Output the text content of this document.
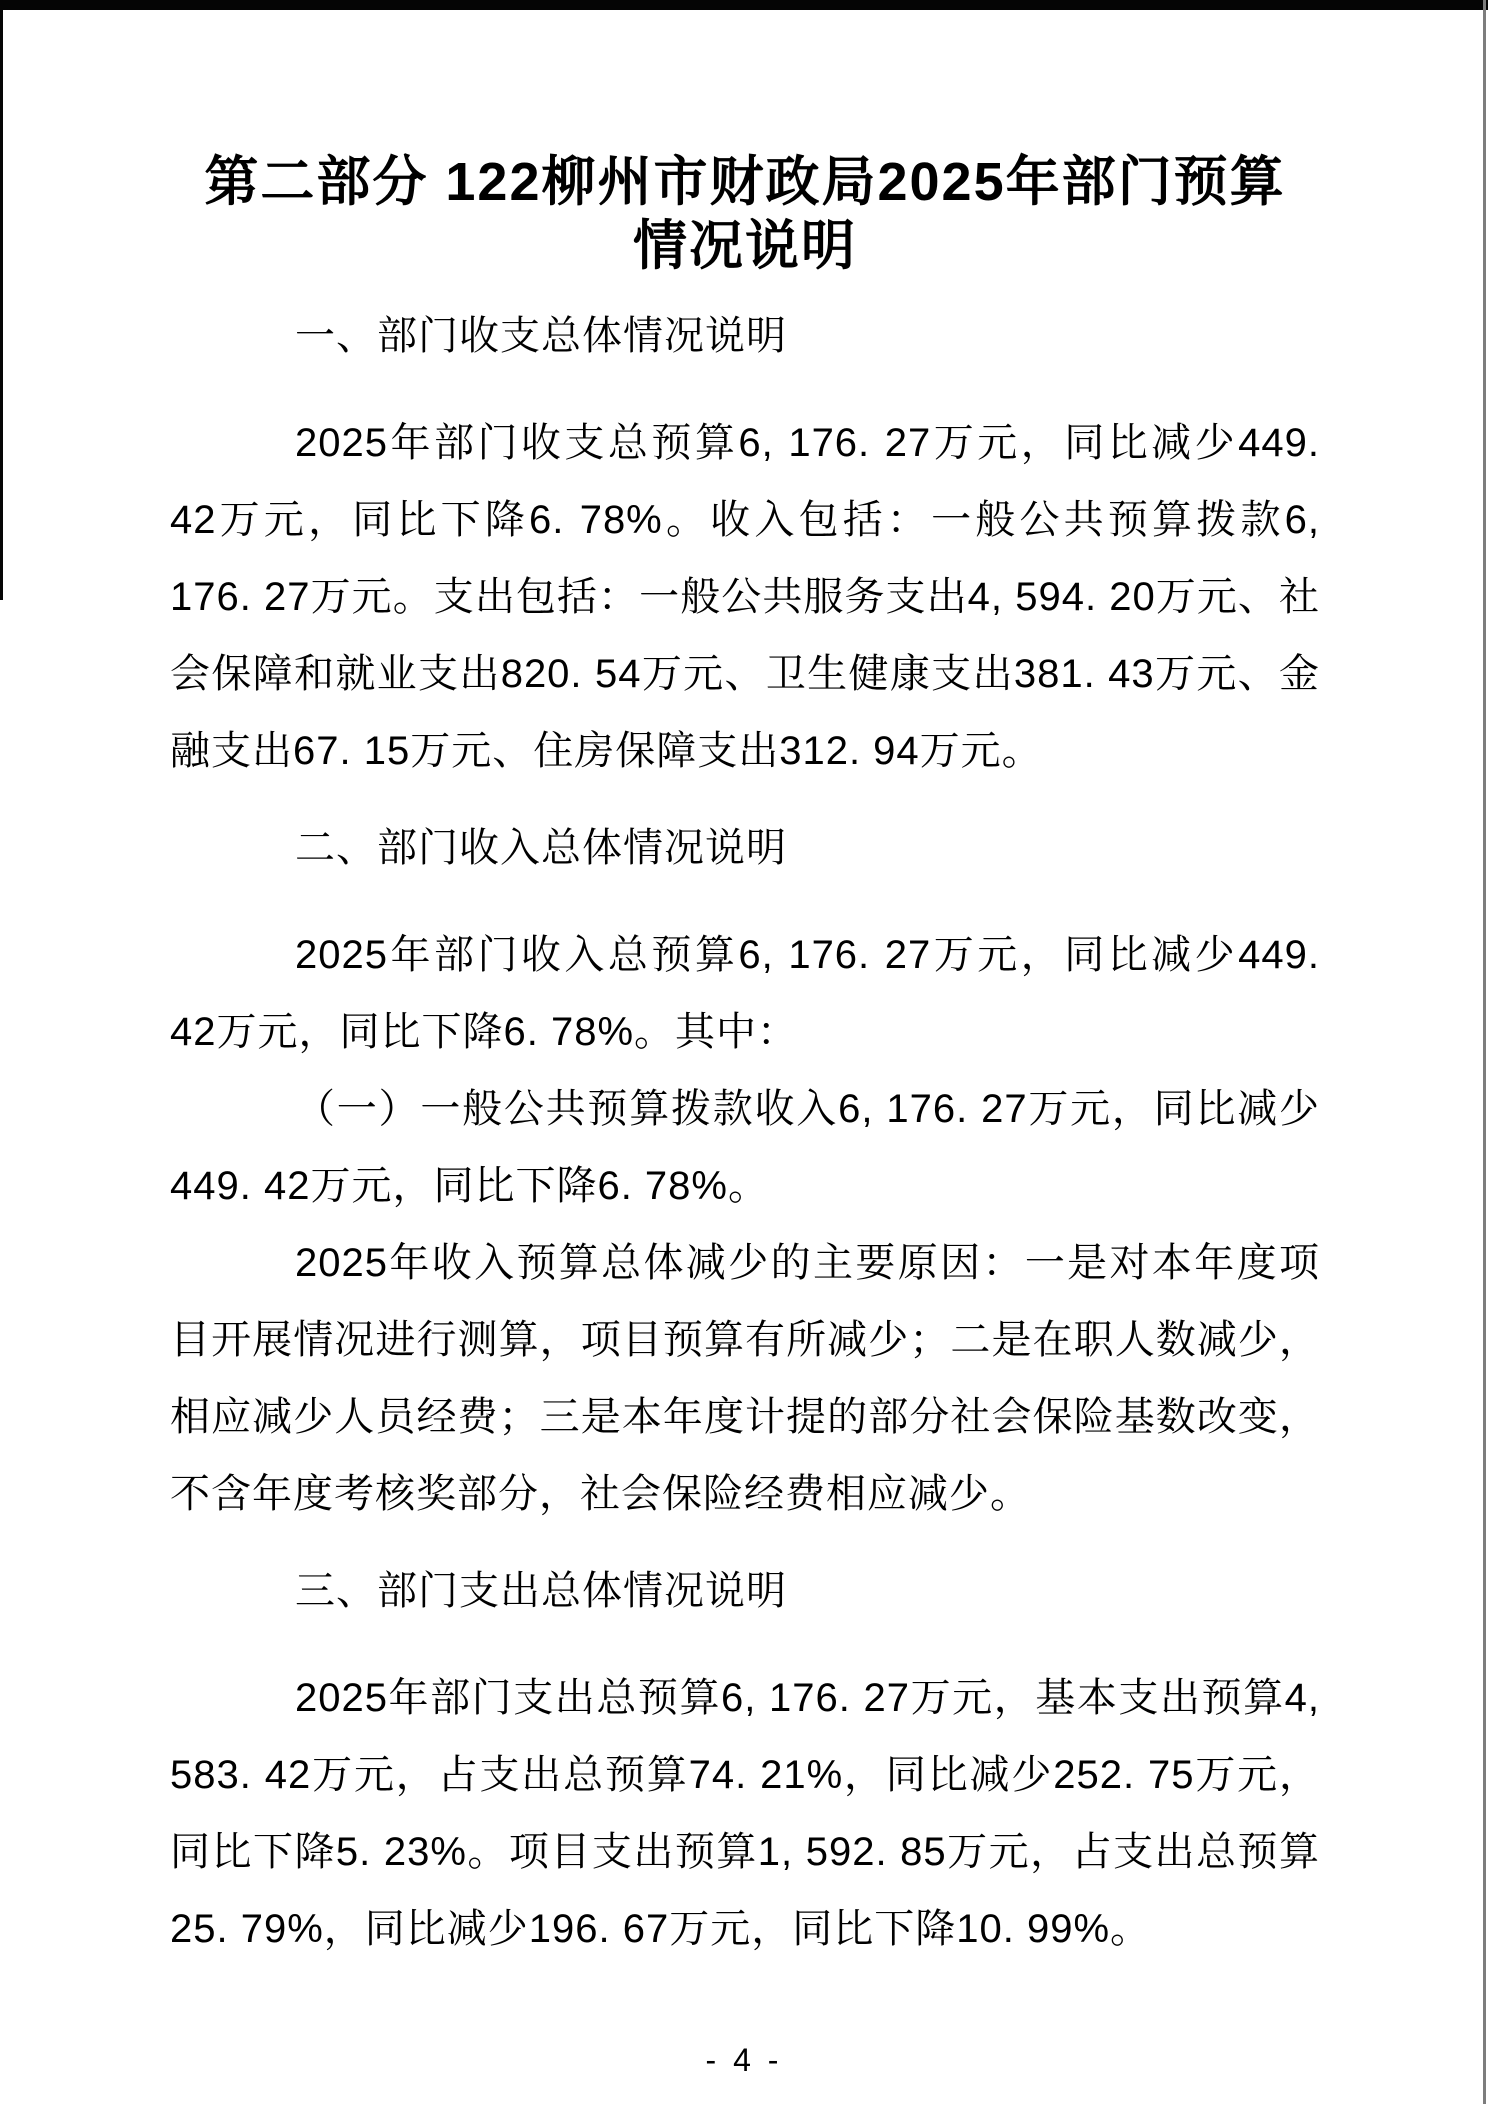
第二部分 122柳州市财政局2025年部门预算
情况说明
一、部门收支总体情况说明

2025年部门收支总预算6, 176. 27万元，同比减少449. 42万元，同比下降6. 78%。收入包括：一般公共预算拨款6, 176. 27万元。支出包括：一般公共服务支出4, 594. 20万元、社会保障和就业支出820. 54万元、卫生健康支出381. 43万元、金融支出67. 15万元、住房保障支出312. 94万元。

二、部门收入总体情况说明

2025年部门收入总预算6, 176. 27万元，同比减少449. 42万元，同比下降6. 78%。其中：

（一）一般公共预算拨款收入6, 176. 27万元，同比减少449. 42万元，同比下降6. 78%。

2025年收入预算总体减少的主要原因：一是对本年度项目开展情况进行测算，项目预算有所减少；二是在职人数减少，相应减少人员经费；三是本年度计提的部分社会保险基数改变，不含年度考核奖部分，社会保险经费相应减少。

三、部门支出总体情况说明

2025年部门支出总预算6, 176. 27万元，基本支出预算4, 583. 42万元，占支出总预算74. 21%，同比减少252. 75万元，同比下降5. 23%。项目支出预算1, 592. 85万元，占支出总预算25. 79%，同比减少196. 67万元，同比下降10. 99%。

- 4 -
